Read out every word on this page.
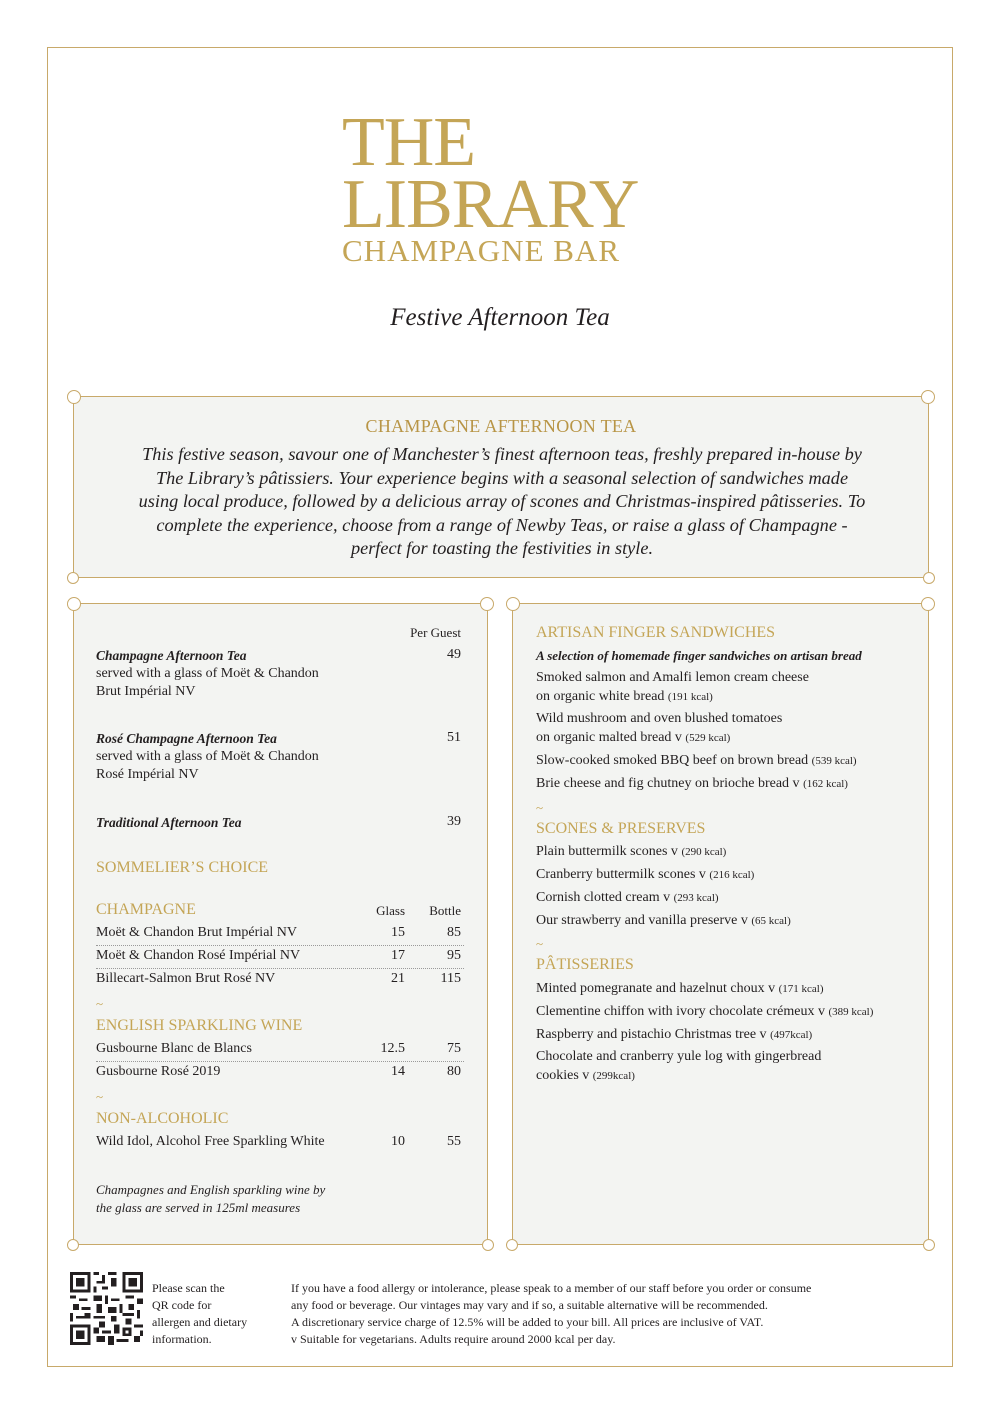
THE
LIBRARY
CHAMPAGNE BAR
Festive Afternoon Tea
CHAMPAGNE AFTERNOON TEA

This festive season, savour one of Manchester’s finest afternoon teas, freshly prepared in-house by The Library’s pâtissiers. Your experience begins with a seasonal selection of sandwiches made using local produce, followed by a delicious array of scones and Christmas-inspired pâtisseries. To complete the experience, choose from a range of Newby Teas, or raise a glass of Champagne - perfect for toasting the festivities in style.

Per Guest
Champagne Afternoon Tea	49
served with a glass of Moët & Chandon
Brut Impérial NV
Rosé Champagne Afternoon Tea	51
served with a glass of Moët & Chandon
Rosé Impérial NV
Traditional Afternoon Tea	39
SOMMELIER’S CHOICE
CHAMPAGNE	Glass Bottle
Moët & Chandon Brut Impérial NV	15	85
Moët & Chandon Rosé Impérial NV	17	95
Billecart-Salmon Brut Rosé NV	21	115
~
ENGLISH SPARKLING WINE
Gusbourne Blanc de Blancs	12.5	75
Gusbourne Rosé 2019	14	80
~
NON-ALCOHOLIC
Wild Idol, Alcohol Free Sparkling White	10	55
Champagnes and English sparkling wine by
the glass are served in 125ml measures
ARTISAN FINGER SANDWICHES
A selection of homemade finger sandwiches on artisan bread
Smoked salmon and Amalfi lemon cream cheese
on organic white bread (191 kcal)
Wild mushroom and oven blushed tomatoes
on organic malted bread v (529 kcal)
Slow-cooked smoked BBQ beef on brown bread (539 kcal)
Brie cheese and fig chutney on brioche bread v (162 kcal)
~
SCONES & PRESERVES
Plain buttermilk scones v (290 kcal)
Cranberry buttermilk scones v (216 kcal)
Cornish clotted cream v (293 kcal)
Our strawberry and vanilla preserve v (65 kcal)
~
PÂTISSERIES
Minted pomegranate and hazelnut choux v (171 kcal)
Clementine chiffon with ivory chocolate crémeux v (389 kcal)
Raspberry and pistachio Christmas tree v (497kcal)
Chocolate and cranberry yule log with gingerbread
cookies v (299kcal)
Please scan the
QR code for
allergen and dietary
information.
If you have a food allergy or intolerance, please speak to a member of our staff before you order or consume
any food or beverage. Our vintages may vary and if so, a suitable alternative will be recommended.
A discretionary service charge of 12.5% will be added to your bill. All prices are inclusive of VAT.
v Suitable for vegetarians. Adults require around 2000 kcal per day.
